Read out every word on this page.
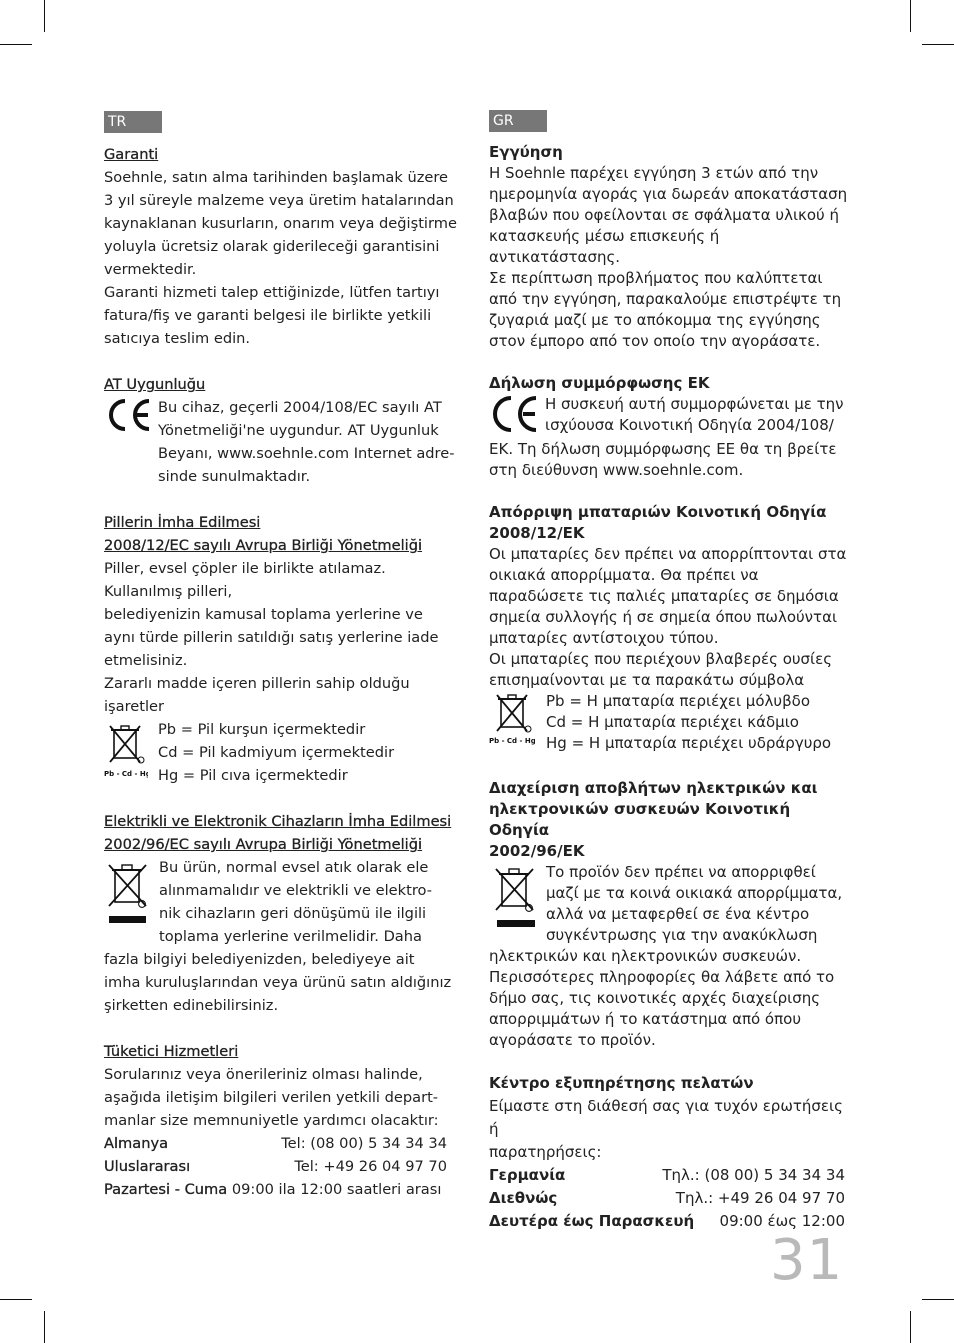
TR
Garanti
Soehnle, satın alma tarihinden başlamak üzere
3 yıl süreyle malzeme veya üretim hatalarından
kaynaklanan kusurların, onarım veya değiştirme
yoluyla ücretsiz olarak giderileceği garantisini
vermektedir.
Garanti hizmeti talep ettiğinizde, lütfen tartıyı
fatura/fiş ve garanti belgesi ile birlikte yetkili
satıcıya teslim edin.
AT Uygunluğu
Bu cihaz, geçerli 2004/108/EC sayılı AT
Yönetmeliği'ne uygundur. AT Uygunluk
Beyanı, www.soehnle.com Internet adre-
sinde sunulmaktadır.
Pillerin İmha Edilmesi
2008/12/EC sayılı Avrupa Birliği Yönetmeliği
Piller, evsel çöpler ile birlikte atılamaz.
Kullanılmış pilleri,
belediyenizin kamusal toplama yerlerine ve
aynı türde pillerin satıldığı satış yerlerine iade
etmelisiniz.
Zararlı madde içeren pillerin sahip olduğu
işaretler
Pb - Cd - Hg
Pb = Pil kurşun içermektedir
Cd = Pil kadmiyum içermektedir
Hg = Pil cıva içermektedir
Elektrikli ve Elektronik Cihazların İmha Edilmesi
2002/96/EC sayılı Avrupa Birliği Yönetmeliği
Bu ürün, normal evsel atık olarak ele
alınmamalıdır ve elektrikli ve elektro-
nik cihazların geri dönüşümü ile ilgili
toplama yerlerine verilmelidir. Daha
fazla bilgiyi belediyenizden, belediyeye ait
imha kuruluşlarından veya ürünü satın aldığınız
şirketten edinebilirsiniz.
Tüketici Hizmetleri
Sorularınız veya önerileriniz olması halinde,
aşağıda iletişim bilgileri verilen yetkili depart-
manlar size memnuniyetle yardımcı olacaktır:
Almanya	Tel: (08 00) 5 34 34 34
Uluslararası	Tel: +49 26 04 97 70
Pazartesi - Cuma 09:00 ila 12:00 saatleri arası
GR
Εγγύηση
Η Soehnle παρέχει εγγύηση 3 ετών από την
ημερομηνία αγοράς για δωρεάν αποκατάσταση
βλαβών που οφείλονται σε σφάλματα υλικού ή
κατασκευής μέσω επισκευής ή αντικατάστασης.
Σε περίπτωση προβλήματος που καλύπτεται
από την εγγύηση, παρακαλούμε επιστρέψτε τη
ζυγαριά μαζί με το απόκομμα της εγγύησης
στον έμπορο από τον οποίο την αγοράσατε.
Δήλωση συμμόρφωσης ΕΚ
Η συσκευή αυτή συμμορφώνεται με την
ισχύουσα Κοινοτική Οδηγία 2004/108/
ΕΚ. Τη δήλωση συμμόρφωσης ΕΕ θα τη βρείτε
στη διεύθυνση www.soehnle.com.
Απόρριψη μπαταριών Κοινοτική Οδηγία
2008/12/ΕΚ
Οι μπαταρίες δεν πρέπει να απορρίπτονται στα
οικιακά απορρίμματα. Θα πρέπει να
παραδώσετε τις παλιές μπαταρίες σε δημόσια
σημεία συλλογής ή σε σημεία όπου πωλούνται
μπαταρίες αντίστοιχου τύπου.
Οι μπαταρίες που περιέχουν βλαβερές ουσίες
επισημαίνονται με τα παρακάτω σύμβολα
Pb - Cd - Hg
Pb = Η μπαταρία περιέχει μόλυβδο
Cd = Η μπαταρία περιέχει κάδμιο
Hg = Η μπαταρία περιέχει υδράργυρο
Διαχείριση αποβλήτων ηλεκτρικών και
ηλεκτρονικών συσκευών Κοινοτική Οδηγία
2002/96/ΕΚ
Το προϊόν δεν πρέπει να απορριφθεί
μαζί με τα κοινά οικιακά απορρίμματα,
αλλά να μεταφερθεί σε ένα κέντρο
συγκέντρωσης για την ανακύκλωση
ηλεκτρικών και ηλεκτρονικών συσκευών.
Περισσότερες πληροφορίες θα λάβετε από το
δήμο σας, τις κοινοτικές αρχές διαχείρισης
απορριμμάτων ή το κατάστημα από όπου
αγοράσατε το προϊόν.
Κέντρο εξυπηρέτησης πελατών
Είμαστε στη διάθεσή σας για τυχόν ερωτήσεις ή
παρατηρήσεις:
Γερμανία	Τηλ.: (08 00) 5 34 34 34
Διεθνώς	Τηλ.: +49 26 04 97 70
Δευτέρα έως Παρασκευή 09:00 έως 12:00
31
